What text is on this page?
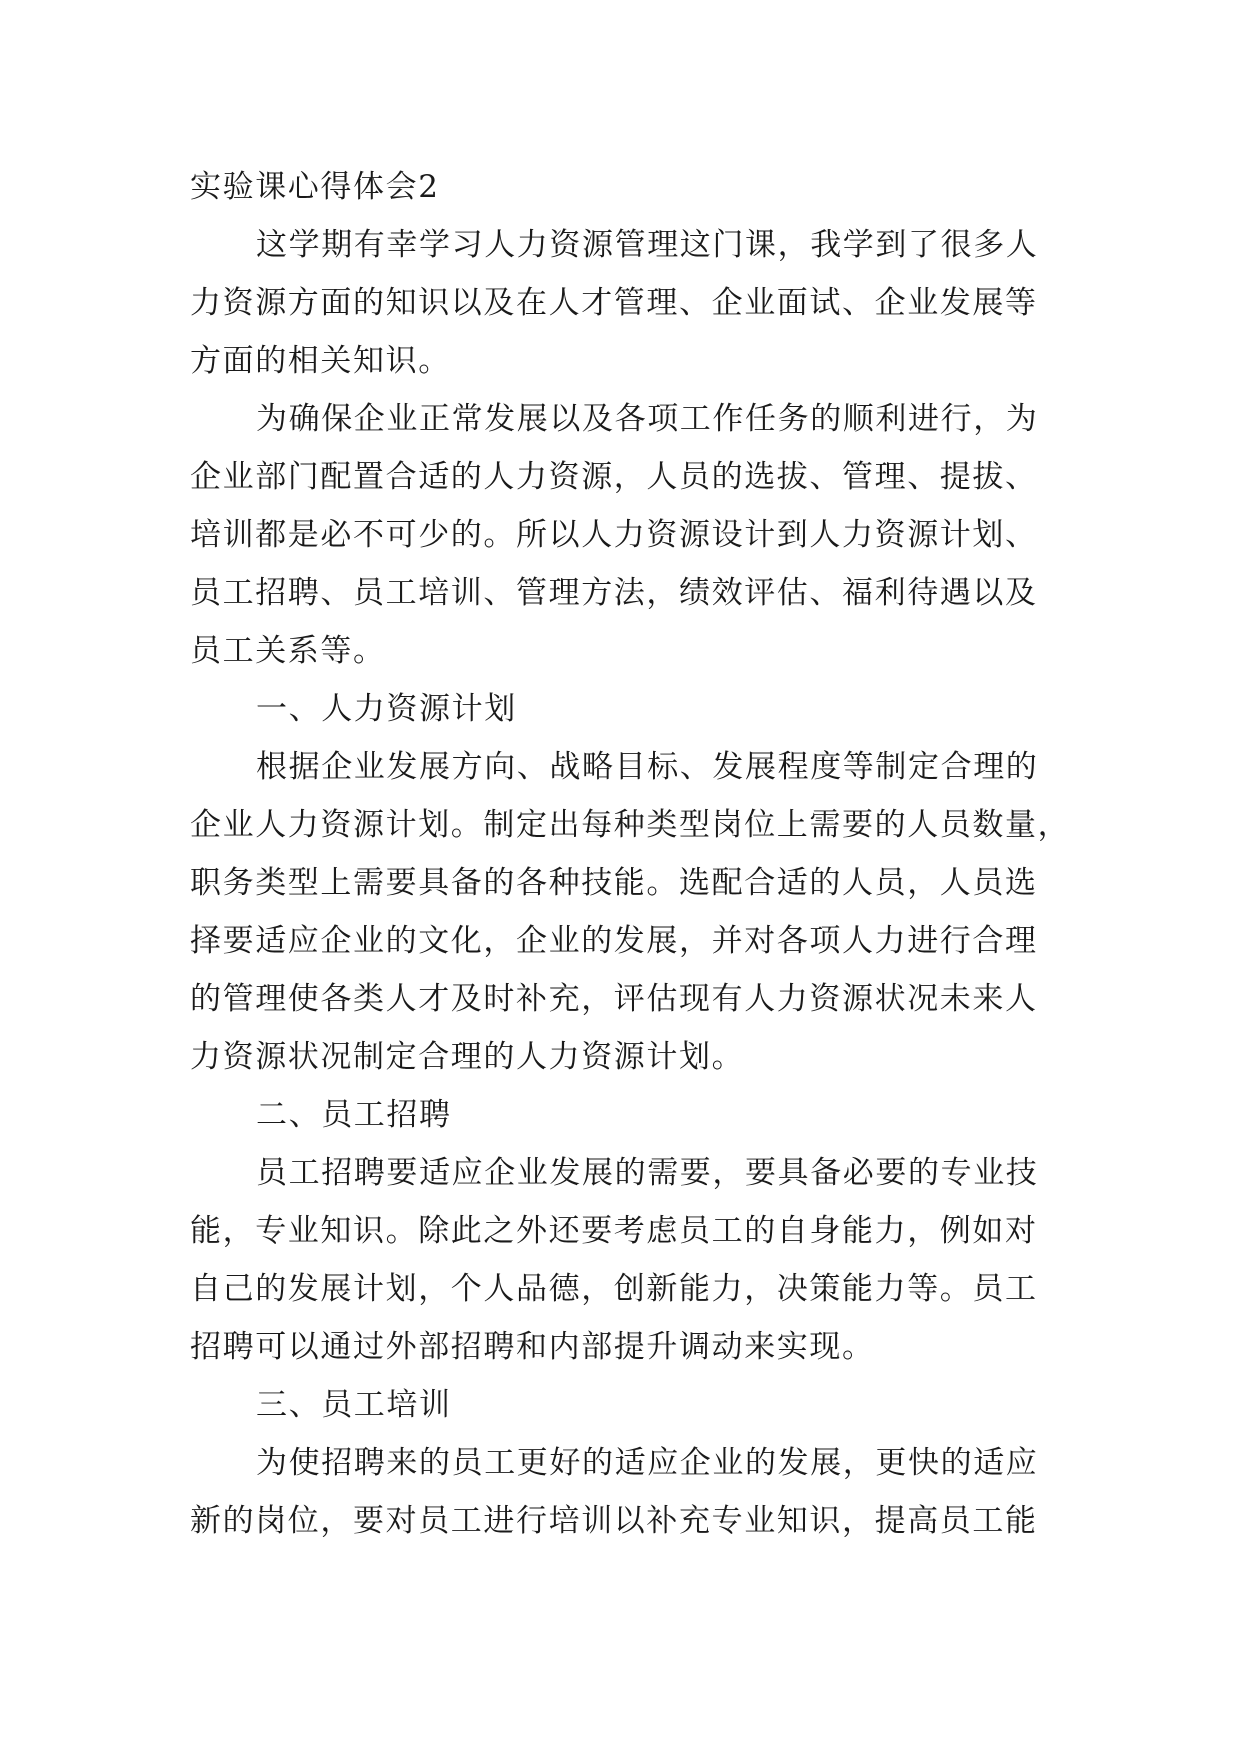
实验课心得体会2
这学期有幸学习人力资源管理这门课，我学到了很多人
力资源方面的知识以及在人才管理、企业面试、企业发展等
方面的相关知识。
为确保企业正常发展以及各项工作任务的顺利进行，为
企业部门配置合适的人力资源，人员的选拔、管理、提拔、
培训都是必不可少的。所以人力资源设计到人力资源计划、
员工招聘、员工培训、管理方法，绩效评估、福利待遇以及
员工关系等。
一、人力资源计划
根据企业发展方向、战略目标、发展程度等制定合理的
企业人力资源计划。制定出每种类型岗位上需要的人员数量，
职务类型上需要具备的各种技能。选配合适的人员，人员选
择要适应企业的文化，企业的发展，并对各项人力进行合理
的管理使各类人才及时补充，评估现有人力资源状况未来人
力资源状况制定合理的人力资源计划。
二、员工招聘
员工招聘要适应企业发展的需要，要具备必要的专业技
能，专业知识。除此之外还要考虑员工的自身能力，例如对
自己的发展计划，个人品德，创新能力，决策能力等。员工
招聘可以通过外部招聘和内部提升调动来实现。
三、员工培训
为使招聘来的员工更好的适应企业的发展，更快的适应
新的岗位，要对员工进行培训以补充专业知识，提高员工能
